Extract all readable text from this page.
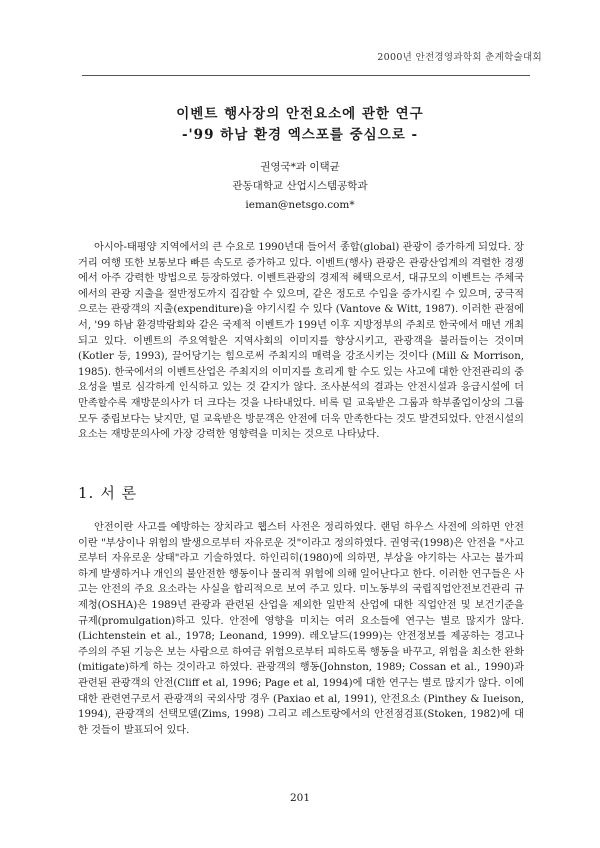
2000년 안전경영과학회 춘계학술대회
이벤트 행사장의 안전요소에 관한 연구
-'99 하남 환경 엑스포를 중심으로 -
권영국*과 이택균
관동대학교 산업시스템공학과
ieman@netsgo.com*

아시아-태평양 지역에서의 큰 수요로 1990년대 들어서 종합(global) 관광이 증가하게 되었다. 장거리 여행 또한 보통보다 빠른 속도로 증가하고 있다. 이벤트(행사) 관광은 관광산업계의 격렬한 경쟁에서 아주 강력한 방법으로 등장하였다. 이벤트관광의 경제적 혜택으로서, 대규모의 이벤트는 주체국에서의 관광 지출을 절반정도까지 집감할 수 있으며, 같은 정도로 수입을 증가시킬 수 있으며, 궁극적으로는 관광객의 지출(expenditure)을 야기시킬 수 있다 (Vantove & Witt, 1987). 이러한 관점에서, '99 하남 환경박람회와 같은 국제적 이벤트가 199년 이후 지방정부의 주최로 한국에서 매년 개최되고 있다. 이벤트의 주요역할은 지역사회의 이미지를 향상시키고, 관광객을 불러들이는 것이며(Kotler 등, 1993), 끌어당기는 힘으로써 주최지의 매력을 강조시키는 것이다 (Mill & Morrison, 1985). 한국에서의 이벤트산업은 주최지의 이미지를 흐리게 할 수도 있는 사고에 대한 안전관리의 중요성을 별로 심각하게 인식하고 있는 것 같지가 않다. 조사분석의 결과는 안전시설과 응급시설에 더 만족할수록 재방문의사가 더 크다는 것을 나타내었다. 비록 덜 교육받은 그룹과 학부졸업이상의 그룹 모두 중립보다는 낮지만, 덜 교육받은 방문객은 안전에 더욱 만족한다는 것도 발견되었다. 안전시설의 요소는 재방문의사에 가장 강력한 영향력을 미치는 것으로 나타났다.

1. 서 론

안전이란 사고를 예방하는 장치라고 웹스터 사전은 정리하였다. 랜덤 하우스 사전에 의하면 안전이란 "부상이나 위험의 발생으로부터 자유로운 것"이라고 정의하였다. 권영국(1998)은 안전을 "사고로부터 자유로운 상태"라고 기술하였다. 하인리히(1980)에 의하면, 부상을 야기하는 사고는 불가피하게 발생하거나 개인의 불안전한 행동이나 물리적 위험에 의해 일어난다고 한다. 이러한 연구들은 사고는 안전의 주요 요소라는 사실을 합리적으로 보여 주고 있다. 미노동부의 국립직업안전보건관리 규제청(OSHA)은 1989년 관광과 관련된 산업을 제외한 일반적 산업에 대한 직업안전 및 보건기준을 규제(promulgation)하고 있다. 안전에 영향을 미치는 여러 요소들에 연구는 별로 많지가 않다. (Lichtenstein et al., 1978; Leonand, 1999). 레오날드(1999)는 안전정보를 제공하는 경고나 주의의 주된 기능은 보는 사람으로 하여금 위험으로부터 피하도록 행동을 바꾸고, 위험을 최소한 완화(mitigate)하게 하는 것이라고 하였다. 관광객의 행동(Johnston, 1989; Cossan et al., 1990)과 관련된 관광객의 안전(Cliff et al, 1996; Page et al, 1994)에 대한 연구는 별로 많지가 않다. 이에 대한 관련연구로서 관광객의 국외사망 경우 (Paxiao et al, 1991), 안전요소 (Pinthey & Iueison, 1994), 관광객의 선택모델(Zims, 1998) 그리고 레스토랑에서의 안전점검표(Stoken, 1982)에 대한 것들이 발표되어 있다.

201
